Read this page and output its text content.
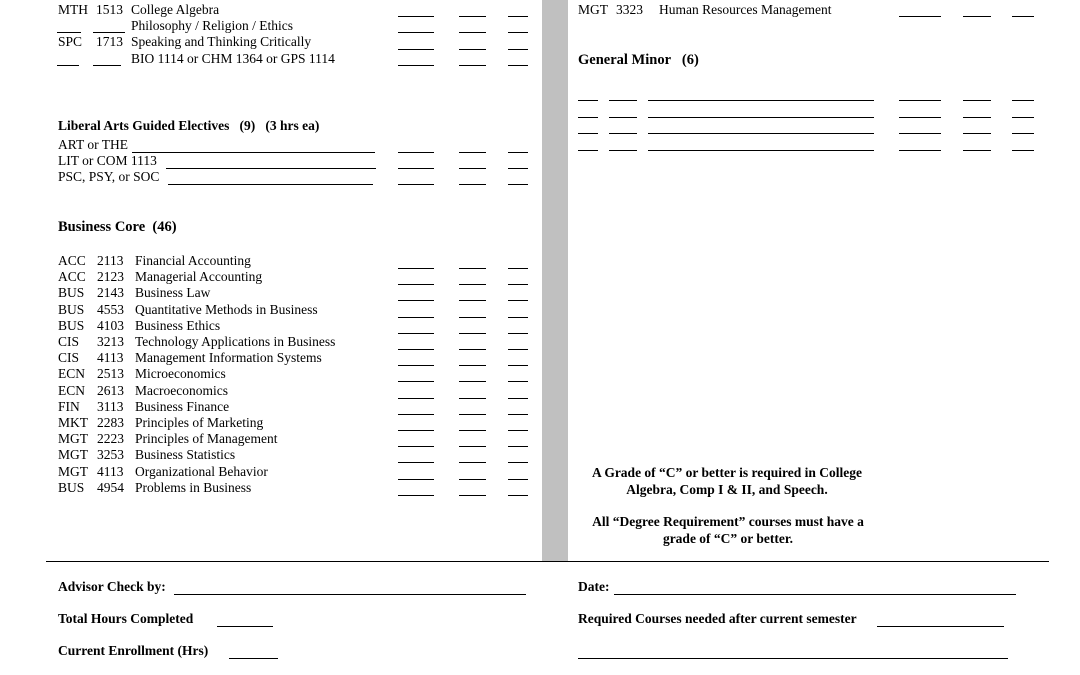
MTH 1513 College Algebra
Philosophy / Religion / Ethics
SPC 1713 Speaking and Thinking Critically
BIO 1114 or CHM 1364 or GPS 1114
Liberal Arts Guided Electives (9) (3 hrs ea)
ART or THE
LIT or COM 1113
PSC, PSY, or SOC
Business Core (46)
ACC 2113 Financial Accounting
ACC 2123 Managerial Accounting
BUS 2143 Business Law
BUS 4553 Quantitative Methods in Business
BUS 4103 Business Ethics
CIS 3213 Technology Applications in Business
CIS 4113 Management Information Systems
ECN 2513 Microeconomics
ECN 2613 Macroeconomics
FIN 3113 Business Finance
MKT 2283 Principles of Marketing
MGT 2223 Principles of Management
MGT 3253 Business Statistics
MGT 4113 Organizational Behavior
BUS 4954 Problems in Business
MGT 3323 Human Resources Management
General Minor (6)
A Grade of “C” or better is required in College Algebra, Comp I & II, and Speech.
All “Degree Requirement” courses must have a grade of “C” or better.
Advisor Check by:	Date:
Total Hours Completed	Required Courses needed after current semester
Current Enrollment (Hrs)
